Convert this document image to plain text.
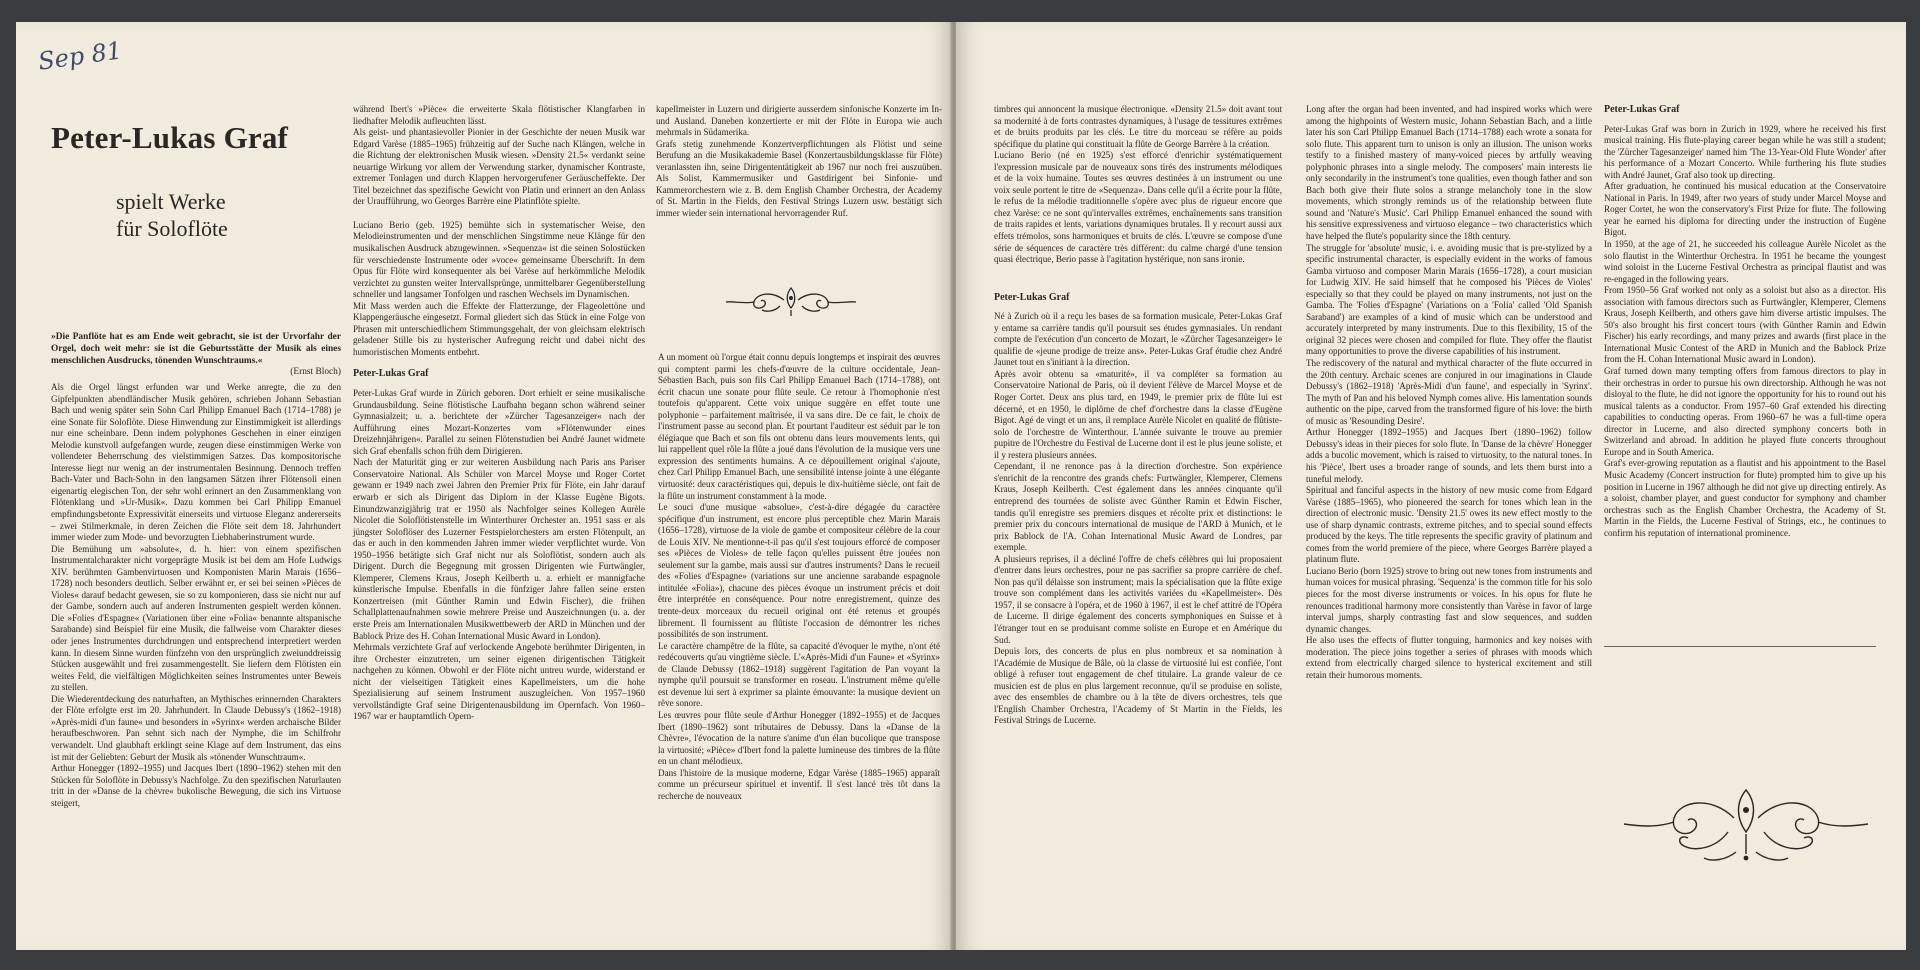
Sep 81
Peter-Lukas Graf
spielt Werke
für Soloflöte
»Die Panflöte hat es am Ende weit gebracht, sie ist der Urvorfahr der Orgel, doch weit mehr: sie ist die Geburtsstätte der Musik als eines menschlichen Ausdrucks, tönenden Wunschtraums.«
(Ernst Bloch)

Als die Orgel längst erfunden war und Werke anregte, die zu den Gipfelpunkten abendländischer Musik gehören, schrieben Johann Sebastian Bach und wenig später sein Sohn Carl Philipp Emanuel Bach (1714–1788) je eine Sonate für Soloflöte. Diese Hinwendung zur Einstimmigkeit ist allerdings nur eine scheinbare. Denn indem polyphones Geschehen in einer einzigen Melodie kunstvoll aufgefangen wurde, zeugen diese einstimmigen Werke von vollendeter Beherrschung des vielstimmigen Satzes. Das kompositorische Interesse liegt nur wenig an der instrumentalen Besinnung. Dennoch treffen Bach-Vater und Bach-Sohn in den langsamen Sätzen ihrer Flötensoli einen eigenartig elegischen Ton, der sehr wohl erinnert an den Zusammenklang von Flötenklang und »Ur-Musik«. Dazu kommen bei Carl Philipp Emanuel empfindungsbetonte Expressivität einerseits und virtuose Eleganz andererseits – zwei Stilmerkmale, in deren Zeichen die Flöte seit dem 18. Jahrhundert immer wieder zum Mode- und bevorzugten Liebhaberinstrument wurde.

Die Bemühung um »absolute«, d. h. hier: von einem spezifischen Instrumentalcharakter nicht vorgeprägte Musik ist bei dem am Hofe Ludwigs XIV. berühmten Gambenvirtuosen und Komponisten Marin Marais (1656–1728) noch besonders deutlich. Selber erwähnt er, er sei bei seinen »Pièces de Violes« darauf bedacht gewesen, sie so zu komponieren, dass sie nicht nur auf der Gambe, sondern auch auf anderen Instrumenten gespielt werden können. Die »Folies d'Espagne« (Variationen über eine »Folia« benannte altspanische Sarabande) sind Beispiel für eine Musik, die fallweise vom Charakter dieses oder jenes Instrumentes durchdrungen und entsprechend interpretiert werden kann. In diesem Sinne wurden fünfzehn von den ursprünglich zweiunddreissig Stücken ausgewählt und frei zusammengestellt. Sie liefern dem Flötisten ein weites Feld, die vielfältigen Möglichkeiten seines Instrumentes unter Beweis zu stellen.

Die Wiederentdeckung des naturhaften, an Mythisches erinnernden Charakters der Flöte erfolgte erst im 20. Jahrhundert. In Claude Debussy's (1862–1918) »Après-midi d'un faune« und besonders in »Syrinx« werden archaische Bilder heraufbeschworen. Pan sehnt sich nach der Nymphe, die im Schilfrohr verwandelt. Und glaubhaft erklingt seine Klage auf dem Instrument, das eins ist mit der Geliebten: Geburt der Musik als »tönender Wunschtraum«.

Arthur Honegger (1892–1955) und Jacques Ibert (1890–1962) stehen mit den Stücken für Soloflöte in Debussy's Nachfolge. Zu den spezifischen Naturlauten tritt in der »Danse de la chèvre« bukolische Bewegung, die sich ins Virtuose steigert,

während Ibert's »Pièce« die erweiterte Skala flötistischer Klangfarben in liedhafter Melodik aufleuchten lässt.

Als geist- und phantasievoller Pionier in der Geschichte der neuen Musik war Edgard Varèse (1885–1965) frühzeitig auf der Suche nach Klängen, welche in die Richtung der elektronischen Musik wiesen. »Density 21.5« verdankt seine neuartige Wirkung vor allem der Verwendung starker, dynamischer Kontraste, extremer Tonlagen und durch Klappen hervorgerufener Geräuscheffekte. Der Titel bezeichnet das spezifische Gewicht von Platin und erinnert an den Anlass der Uraufführung, wo Georges Barrère eine Platinflöte spielte.

Luciano Berio (geb. 1925) bemühte sich in systematischer Weise, den Melodieinstrumenten und der menschlichen Singstimme neue Klänge für den musikalischen Ausdruck abzugewinnen. »Sequenza« ist die seinen Solostücken für verschiedenste Instrumente oder »voce« gemeinsame Überschrift. In dem Opus für Flöte wird konsequenter als bei Varèse auf herkömmliche Melodik verzichtet zu gunsten weiter Intervallsprünge, unmittelbarer Gegenüberstellung schneller und langsamer Tonfolgen und raschen Wechsels im Dynamischen.

Mit Mass werden auch die Effekte der Flatterzunge, der Flageolettöne und Klappengeräusche eingesetzt. Formal gliedert sich das Stück in eine Folge von Phrasen mit unterschiedlichem Stimmungsgehalt, der von gleichsam elektrisch geladener Stille bis zu hysterischer Aufregung reicht und dabei nicht des humoristischen Moments entbehrt.

Peter-Lukas Graf

Peter-Lukas Graf wurde in Zürich geboren. Dort erhielt er seine musikalische Grundausbildung. Seine flötistische Laufbahn begann schon während seiner Gymnasialzeit; u. a. berichtete der »Zürcher Tagesanzeiger« nach der Aufführung eines Mozart-Konzertes vom »Flötenwunder eines Dreizehnjährigen«. Parallel zu seinen Flötenstudien bei André Jaunet widmete sich Graf ebenfalls schon früh dem Dirigieren.

Nach der Maturität ging er zur weiteren Ausbildung nach Paris ans Pariser Conservatoire National. Als Schüler von Marcel Moyse und Roger Cortet gewann er 1949 nach zwei Jahren den Premier Prix für Flöte, ein Jahr darauf erwarb er sich als Dirigent das Diplom in der Klasse Eugène Bigots. Einundzwanzigjährig trat er 1950 als Nachfolger seines Kollegen Aurèle Nicolet die Soloflötistenstelle im Winterthurer Orchester an. 1951 sass er als jüngster Soloflöser des Luzerner Festspielorchesters am ersten Flötenpult, an das er auch in den kommenden Jahren immer wieder verpflichtet wurde. Von 1950–1956 betätigte sich Graf nicht nur als Soloflötist, sondern auch als Dirigent. Durch die Begegnung mit grossen Dirigenten wie Furtwängler, Klemperer, Clemens Kraus, Joseph Keilberth u. a. erhielt er mannigfache künstlerische Impulse. Ebenfalls in die fünfziger Jahre fallen seine ersten Konzertreisen (mit Günther Ramin und Edwin Fischer), die frühen Schallplattenaufnahmen sowie mehrere Preise und Auszeichnungen (u. a. der erste Preis am Internationalen Musikwettbewerb der ARD in München und der Bablock Prize des H. Cohan International Music Award in London).

Mehrmals verzichtete Graf auf verlockende Angebote berühmter Dirigenten, in ihre Orchester einzutreten, um seiner eigenen dirigentischen Tätigkeit nachgehen zu können. Obwohl er der Flöte nicht untreu wurde, widerstand er nicht der vielseitigen Tätigkeit eines Kapellmeisters, um die hohe Spezialisierung auf seinem Instrument auszugleichen. Von 1957–1960 vervollständigte Graf seine Dirigentenausbildung im Opernfach. Von 1960–1967 war er hauptamtlich Opern-

kapellmeister in Luzern und dirigierte ausserdem sinfonische Konzerte im In- und Ausland. Daneben konzertierte er mit der Flöte in Europa wie auch mehrmals in Südamerika.

Grafs stetig zunehmende Konzertverpflichtungen als Flötist und seine Berufung an die Musikakademie Basel (Konzertausbildungsklasse für Flöte) veranlassten ihn, seine Dirigententätigkeit ab 1967 nur noch frei auszuüben. Als Solist, Kammermusiker und Gastdirigent bei Sinfonie- und Kammerorchestern wie z. B. dem English Chamber Orchestra, der Academy of St. Martin in the Fields, den Festival Strings Luzern usw. bestätigt sich immer wieder sein international hervorragender Ruf.

timbres qui annoncent la musique électronique. «Density 21.5» doit avant tout sa modernité à de forts contrastes dynamiques, à l'usage de tessitures extrêmes et de bruits produits par les clés. Le titre du morceau se réfère au poids spécifique du platine qui constituait la flûte de George Barrère à la création.

Luciano Berio (né en 1925) s'est efforcé d'enrichir systématiquement l'expression musicale par de nouveaux sons tirés des instruments mélodiques et de la voix humaine. Toutes ses œuvres destinées à un instrument ou une voix seule portent le titre de «Sequenza». Dans celle qu'il a écrite pour la flûte, le refus de la mélodie traditionnelle s'opère avec plus de rigueur encore que chez Varèse: ce ne sont qu'intervalles extrêmes, enchaînements sans transition de traits rapides et lents, variations dynamiques brutales. Il y recourt aussi aux effets trémolos, sons harmoniques et bruits de clés. L'œuvre se compose d'une série de séquences de caractère très différent: du calme chargé d'une tension quasi électrique, Berio passe à l'agitation hystérique, non sans ironie.

Peter-Lukas Graf

Né à Zurich où il a reçu les bases de sa formation musicale, Peter-Lukas Graf y entame sa carrière tandis qu'il poursuit ses études gymnasiales. Un rendant compte de l'exécution d'un concerto de Mozart, le «Zürcher Tagesanzeiger» le qualifie de «jeune prodige de treize ans». Peter-Lukas Graf étudie chez André Jaunet tout en s'initiant à la direction.

Après avoir obtenu sa «maturité», il va compléter sa formation au Conservatoire National de Paris, où il devient l'élève de Marcel Moyse et de Roger Cortet. Deux ans plus tard, en 1949, le premier prix de flûte lui est décerné, et en 1950, le diplôme de chef d'orchestre dans la classe d'Eugène Bigot. Agé de vingt et un ans, il remplace Aurèle Nicolet en qualité de flûtiste-solo de l'orchestre de Winterthour. L'année suivante le trouve au premier pupitre de l'Orchestre du Festival de Lucerne dont il est le plus jeune soliste, et il y restera plusieurs années.

Cependant, il ne renonce pas à la direction d'orchestre. Son expérience s'enrichit de la rencontre des grands chefs: Furtwängler, Klemperer, Clemens Kraus, Joseph Keilberth. C'est également dans les années cinquante qu'il entreprend des tournées de soliste avec Günther Ramin et Edwin Fischer, tandis qu'il enregistre ses premiers disques et récolte prix et distinctions: le premier prix du concours international de musique de l'ARD à Munich, et le prix Bablock de l'A. Cohan International Music Award de Londres, par exemple.

A plusieurs reprises, il a décliné l'offre de chefs célèbres qui lui proposaient d'entrer dans leurs orchestres, pour ne pas sacrifier sa propre carrière de chef. Non pas qu'il délaisse son instrument; mais la spécialisation que la flûte exige trouve son complément dans les activités variées du «Kapellmeister». Dès 1957, il se consacre à l'opéra, et de 1960 à 1967, il est le chef attitré de l'Opéra de Lucerne. Il dirige également des concerts symphoniques en Suisse et à l'étranger tout en se produisant comme soliste en Europe et en Amérique du Sud.

Depuis lors, des concerts de plus en plus nombreux et sa nomination à l'Académie de Musique de Bâle, où la classe de virtuosité lui est confiée, l'ont obligé à refuser tout engagement de chef titulaire. La grande valeur de ce musicien est de plus en plus largement reconnue, qu'il se produise en soliste, avec des ensembles de chambre ou à la tête de divers orchestres, tels que l'English Chamber Orchestra, l'Academy of St Martin in the Fields, les Festival Strings de Lucerne.

Long after the organ had been invented, and had inspired works which were among the highpoints of Western music, Johann Sebastian Bach, and a little later his son Carl Philipp Emanuel Bach (1714–1788) each wrote a sonata for solo flute. This apparent turn to unison is only an illusion. The unison works testify to a finished mastery of many-voiced pieces by artfully weaving polyphonic phrases into a single melody. The composers' main interests lie only secondarily in the instrument's tone qualities, even though father and son Bach both give their flute solos a strange melancholy tone in the slow movements, which strongly reminds us of the relationship between flute sound and 'Nature's Music'. Carl Philipp Emanuel enhanced the sound with his sensitive expressiveness and virtuoso elegance – two characteristics which have helped the flute's popularity since the 18th century.

The struggle for 'absolute' music, i. e. avoiding music that is pre-stylized by a specific instrumental character, is especially evident in the works of famous Gamba virtuoso and composer Marin Marais (1656–1728), a court musician for Ludwig XIV. He said himself that he composed his 'Pièces de Violes' especially so that they could be played on many instruments, not just on the Gamba. The 'Folies d'Espagne' (Variations on a 'Folia' called 'Old Spanish Saraband') are examples of a kind of music which can be understood and accurately interpreted by many instruments. Due to this flexibility, 15 of the original 32 pieces were chosen and compiled for flute. They offer the flautist many opportunities to prove the diverse capabilities of his instrument.

The rediscovery of the natural and mythical character of the flute occurred in the 20th century. Archaic scenes are conjured in our imaginations in Claude Debussy's (1862–1918) 'Après-Midi d'un faune', and especially in 'Syrinx'. The myth of Pan and his beloved Nymph comes alive. His lamentation sounds authentic on the pipe, carved from the transformed figure of his love: the birth of music as 'Resounding Desire'.

Arthur Honegger (1892–1955) and Jacques Ibert (1890–1962) follow Debussy's ideas in their pieces for solo flute. In 'Danse de la chèvre' Honegger adds a bucolic movement, which is raised to virtuosity, to the natural tones. In his 'Pièce', Ibert uses a broader range of sounds, and lets them burst into a tuneful melody.

Spiritual and fanciful aspects in the history of new music come from Edgard Varèse (1885–1965), who pioneered the search for tones which lean in the direction of electronic music. 'Density 21.5' owes its new effect mostly to the use of sharp dynamic contrasts, extreme pitches, and to special sound effects produced by the keys. The title represents the specific gravity of platinum and comes from the world premiere of the piece, where Georges Barrère played a platinum flute.

Luciano Berio (born 1925) strove to bring out new tones from instruments and human voices for musical phrasing. 'Sequenza' is the common title for his solo pieces for the most diverse instruments or voices. In his opus for flute he renounces traditional harmony more consistently than Varèse in favor of large interval jumps, sharply contrasting fast and slow sequences, and sudden dynamic changes.

He also uses the effects of flutter tonguing, harmonics and key noises with moderation. The piece joins together a series of phrases with moods which extend from electrically charged silence to hysterical excitement and still retain their humorous moments.

Peter-Lukas Graf

Peter-Lukas Graf was born in Zurich in 1929, where he received his first musical training. His flute-playing career began while he was still a student; the 'Zürcher Tagesanzeiger' named him 'The 13-Year-Old Flute Wonder' after his performance of a Mozart Concerto. While furthering his flute studies with André Jaunet, Graf also took up directing.

After graduation, he continued his musical education at the Conservatoire National in Paris. In 1949, after two years of study under Marcel Moyse and Roger Cortet, he won the conservatory's First Prize for flute. The following year he earned his diploma for directing under the instruction of Eugène Bigot.

In 1950, at the age of 21, he succeeded his colleague Aurèle Nicolet as the solo flautist in the Winterthur Orchestra. In 1951 he became the youngest wind soloist in the Lucerne Festival Orchestra as principal flautist and was re-engaged in the following years.

From 1950–56 Graf worked not only as a soloist but also as a director. His association with famous directors such as Furtwängler, Klemperer, Clemens Kraus, Joseph Keilberth, and others gave him diverse artistic impulses. The 50's also brought his first concert tours (with Günther Ramin and Edwin Fischer) his early recordings, and many prizes and awards (first place in the International Music Contest of the ARD in Munich and the Bablock Prize from the H. Cohan International Music award in London).

Graf turned down many tempting offers from famous directors to play in their orchestras in order to pursue his own directorship. Although he was not disloyal to the flute, he did not ignore the opportunity for his to round out his musical talents as a conductor. From 1957–60 Graf extended his directing capabilities to conducting operas. From 1960–67 he was a full-time opera director in Lucerne, and also directed symphony concerts both in Switzerland and abroad. In addition he played flute concerts throughout Europe and in South America.

Graf's ever-growing reputation as a flautist and his appointment to the Basel Music Academy (Concert instruction for flute) prompted him to give up his position in Lucerne in 1967 although he did not give up directing entirely. As a soloist, chamber player, and guest conductor for symphony and chamber orchestras such as the English Chamber Orchestra, the Academy of St. Martin in the Fields, the Lucerne Festival of Strings, etc., he continues to confirm his reputation of international prominence.

A un moment où l'orgue était connu depuis longtemps et inspirait des œuvres qui comptent parmi les chefs-d'œuvre de la culture occidentale, Jean-Sébastien Bach, puis son fils Carl Philipp Emanuel Bach (1714–1788), ont écrit chacun une sonate pour flûte seule. Ce retour à l'homophonie n'est toutefois qu'apparent. Cette voix unique suggère en effet toute une polyphonie – parfaitement maîtrisée, il va sans dire. De ce fait, le choix de l'instrument passe au second plan. Et pourtant l'auditeur est séduit par le ton élégiaque que Bach et son fils ont obtenu dans leurs mouvements lents, qui lui rappellent quel rôle la flûte a joué dans l'évolution de la musique vers une expression des sentiments humains. A ce dépouillement original s'ajoute, chez Carl Philipp Emanuel Bach, une sensibilité intense jointe à une élégante virtuosité: deux caractéristiques qui, depuis le dix-huitième siècle, ont fait de la flûte un instrument constamment à la mode.

Le souci d'une musique «absolue», c'est-à-dire dégagée du caractère spécifique d'un instrument, est encore plus perceptible chez Marin Marais (1656–1728), virtuose de la viole de gambe et compositeur célèbre de la cour de Louis XIV. Ne mentionne-t-il pas qu'il s'est toujours efforcé de composer ses «Pièces de Violes» de telle façon qu'elles puissent être jouées non seulement sur la gambe, mais aussi sur d'autres instruments? Dans le recueil des «Folies d'Espagne» (variations sur une ancienne sarabande espagnole intitulée «Folia»), chacune des pièces évoque un instrument précis et doit être interprétée en conséquence. Pour notre enregistrement, quinze des trente-deux morceaux du recueil original ont été retenus et groupés librement. Il fournissent au flûtiste l'occasion de démontrer les riches possibilités de son instrument.

Le caractère champêtre de la flûte, sa capacité d'évoquer le mythe, n'ont été redécouverts qu'au vingtième siècle. L'«Après-Midi d'un Faune» et «Syrinx» de Claude Debussy (1862–1918) suggèrent l'agitation de Pan voyant la nymphe qu'il poursuit se transformer en roseau. L'instrument même qu'elle est devenue lui sert à exprimer sa plainte émouvante: la musique devient un rêve sonore.

Les œuvres pour flûte seule d'Arthur Honegger (1892–1955) et de Jacques Ibert (1890–1962) sont tributaires de Debussy. Dans la «Danse de la Chèvre», l'évocation de la nature s'anime d'un élan bucolique que transpose la virtuosité; «Pièce» d'Ibert fond la palette lumineuse des timbres de la flûte en un chant mélodieux.

Dans l'histoire de la musique moderne, Edgar Varèse (1885–1965) apparaît comme un précurseur spirituel et inventif. Il s'est lancé très tôt dans la recherche de nouveaux
